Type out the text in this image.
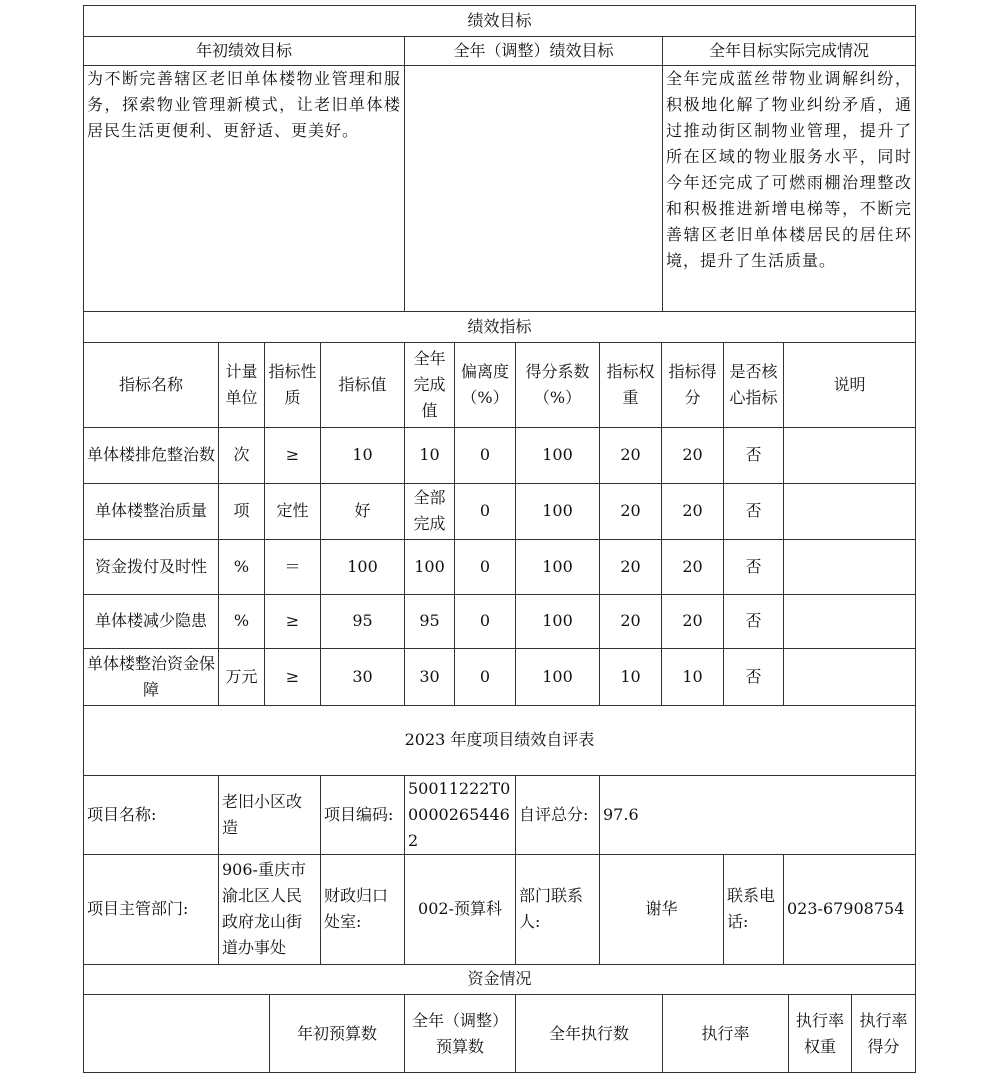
绩效目标		
年初绩效目标	全年（调整）绩效目标	全年目标实际完成情况
为不断完善辖区老旧单体楼物业管理和服务，探索物业管理新模式，让老旧单体楼居民生活更便利、更舒适、更美好。		全年完成蓝丝带物业调解纠纷，积极地化解了物业纠纷矛盾，通过推动街区制物业管理，提升了所在区域的物业服务水平，同时今年还完成了可燃雨棚治理整改和积极推进新增电梯等，不断完善辖区老旧单体楼居民的居住环境，提升了生活质量。
绩效指标										
指标名称	计量单位	指标性质	指标值	全年完成值	偏离度（%）	得分系数（%）	指标权重	指标得分	是否核心指标	说明
单体楼排危整治数	次	≥	10	10	0	100	20	20	否	
单体楼整治质量	项	定性	好	全部完成	0	100	20	20	否	
资金拨付及时性	%	＝	100	100	0	100	20	20	否	
单体楼减少隐患	%	≥	95	95	0	100	20	20	否	
单体楼整治资金保障	万元	≥	30	30	0	100	10	10	否	
2023 年度项目绩效自评表										
项目名称:	老旧小区改造	项目编码:	50011222T000002654462	自评总分:	97.6		
项目主管部门:	906-重庆市渝北区人民政府龙山街道办事处	财政归口处室:	002-预算科	部门联系人:	谢华	联系电话:	023-67908754
资金情况
	年初预算数	全年（调整）预算数	全年执行数	执行率	执行率权重	执行率得分
